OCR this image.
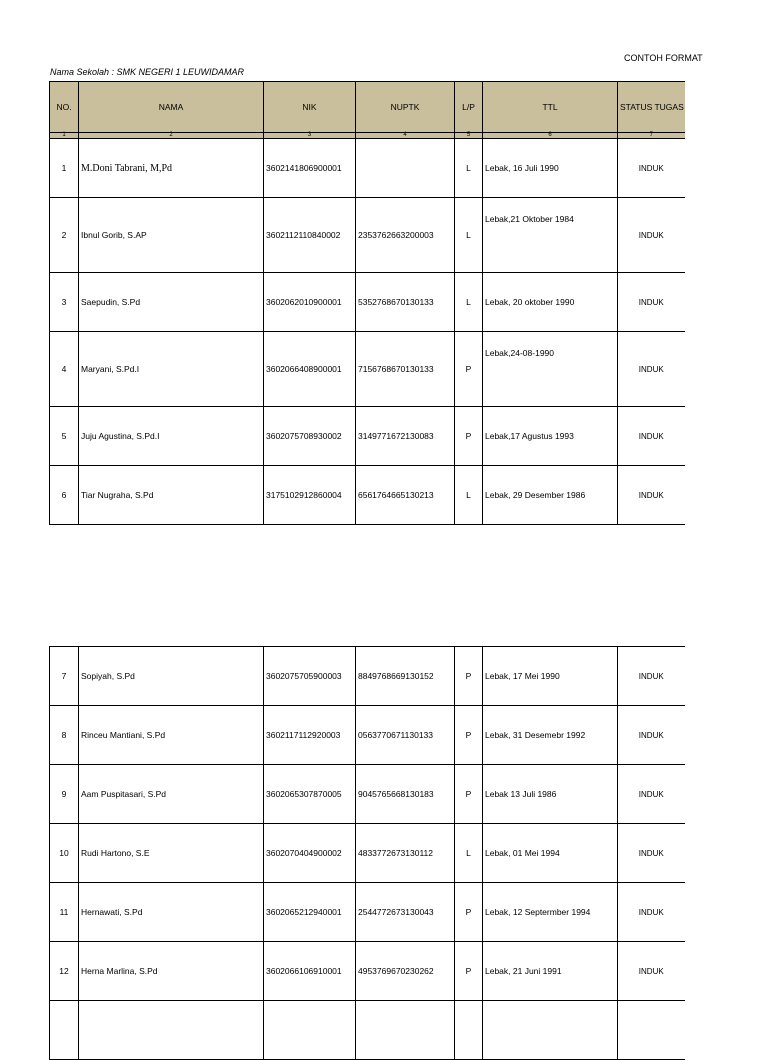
CONTOH FORMAT
Nama Sekolah : SMK NEGERI 1 LEUWIDAMAR
NO.	NAMA	NIK	NUPTK	L/P	TTL	STATUS TUGAS
1	2	3	4	5	6	7
1	M.Doni Tabrani, M,Pd	3602141806900001		L	Lebak, 16 Juli 1990	INDUK
2	Ibnul Gorib, S.AP	3602112110840002	2353762663200003	L	Lebak,21 Oktober 1984	INDUK
3	Saepudin, S.Pd	3602062010900001	5352768670130133	L	Lebak, 20 oktober 1990	INDUK
4	Maryani, S.Pd.I	3602066408900001	7156768670130133	P	Lebak,24-08-1990	INDUK
5	Juju Agustina, S.Pd.I	3602075708930002	3149771672130083	P	Lebak,17 Agustus 1993	INDUK
6	Tiar Nugraha, S.Pd	3175102912860004	6561764665130213	L	Lebak, 29 Desember 1986	INDUK
7	Sopiyah, S.Pd	3602075705900003	8849768669130152	P	Lebak, 17 Mei 1990	INDUK
8	Rinceu Mantiani, S.Pd	3602117112920003	0563770671130133	P	Lebak, 31 Desemebr 1992	INDUK
9	Aam Puspitasari, S.Pd	3602065307870005	9045765668130183	P	Lebak 13 Juli 1986	INDUK
10	Rudi Hartono, S.E	3602070404900002	4833772673130112	L	Lebak, 01 Mei 1994	INDUK
11	Hernawati, S.Pd	3602065212940001	2544772673130043	P	Lebak, 12 Septermber 1994	INDUK
12	Herna Marlina, S.Pd	3602066106910001	4953769670230262	P	Lebak, 21 Juni 1991	INDUK
